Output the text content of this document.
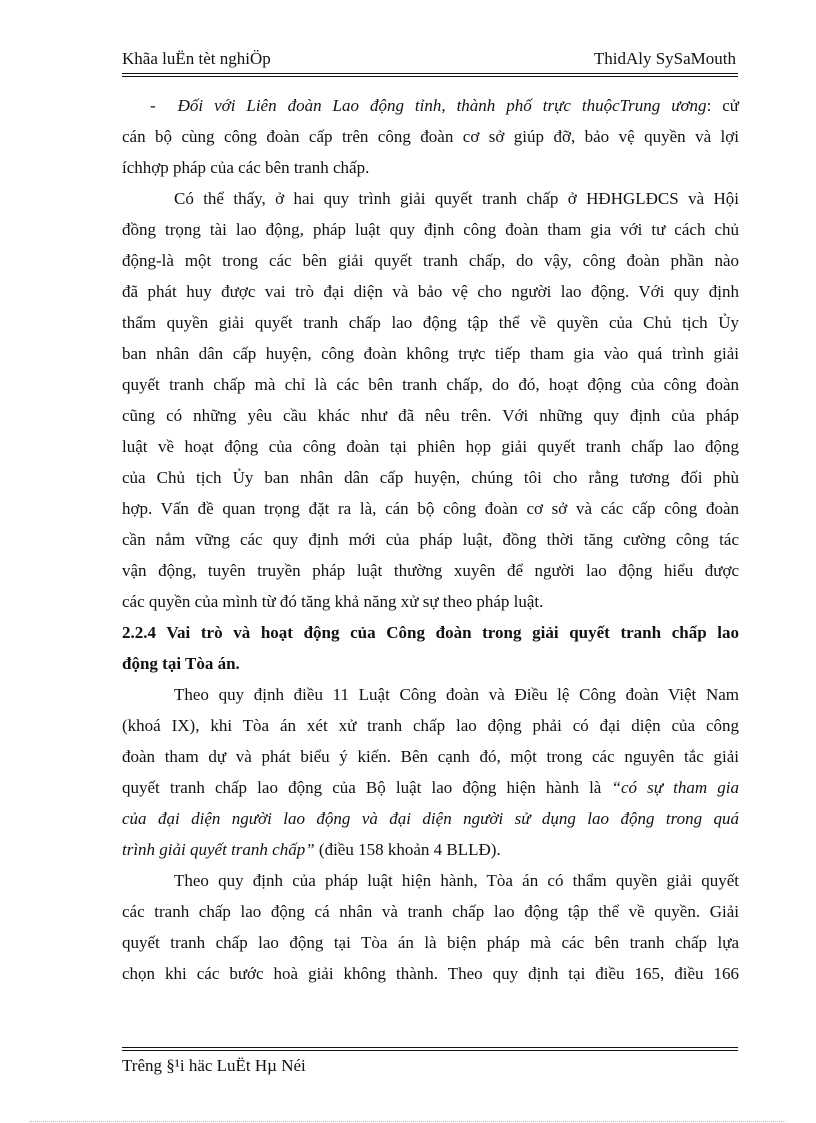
Khãa luËn tèt nghiÖp	ThidAly SySaMouth
- Đối với Liên đoàn Lao động tỉnh, thành phố trực thuộcTrung ương: cử
cán bộ cùng công đoàn cấp trên công đoàn cơ sở giúp đỡ, bảo vệ quyền và lợi
íchhợp pháp của các bên tranh chấp.
Có thể thấy, ở hai quy trình giải quyết tranh chấp ở HĐHGLĐCS và Hội
đồng trọng tài lao động, pháp luật quy định công đoàn tham gia với tư cách chủ
động-là một trong các bên giải quyết tranh chấp, do vậy, công đoàn phần nào
đã phát huy được vai trò đại diện và bảo vệ cho người lao động. Với quy định
thẩm quyền giải quyết tranh chấp lao động tập thể về quyền của Chủ tịch Ủy
ban nhân dân cấp huyện, công đoàn không trực tiếp tham gia vào quá trình giải
quyết tranh chấp mà chỉ là các bên tranh chấp, do đó, hoạt động của công đoàn
cũng có những yêu cầu khác như đã nêu trên. Với những quy định của pháp
luật về hoạt động của công đoàn tại phiên họp giải quyết tranh chấp lao động
của Chủ tịch Ủy ban nhân dân cấp huyện, chúng tôi cho rằng tương đối phù
hợp. Vấn đề quan trọng đặt ra là, cán bộ công đoàn cơ sở và các cấp công đoàn
cần nắm vững các quy định mới của pháp luật, đồng thời tăng cường công tác
vận động, tuyên truyền pháp luật thường xuyên để người lao động hiểu được
các quyền của mình từ đó tăng khả năng xử sự theo pháp luật.
2.2.4 Vai trò và hoạt động của Công đoàn trong giải quyết tranh chấp lao
động tại Tòa án.
Theo quy định điều 11 Luật Công đoàn và Điều lệ Công đoàn Việt Nam
(khoá IX), khi Tòa án xét xử tranh chấp lao động phải có đại diện của công
đoàn tham dự và phát biểu ý kiến. Bên cạnh đó, một trong các nguyên tắc giải
quyết tranh chấp lao động của Bộ luật lao động hiện hành là “có sự tham gia
của đại diện người lao động và đại diện người sử dụng lao động trong quá
trình giải quyết tranh chấp” (điều 158 khoản 4 BLLĐ).
Theo quy định của pháp luật hiện hành, Tòa án có thẩm quyền giải quyết
các tranh chấp lao động cá nhân và tranh chấp lao động tập thể về quyền. Giải
quyết tranh chấp lao động tại Tòa án là biện pháp mà các bên tranh chấp lựa
chọn khi các bước hoà giải không thành. Theo quy định tại điều 165, điều 166
Trêng §¹i häc LuËt Hµ Néi
